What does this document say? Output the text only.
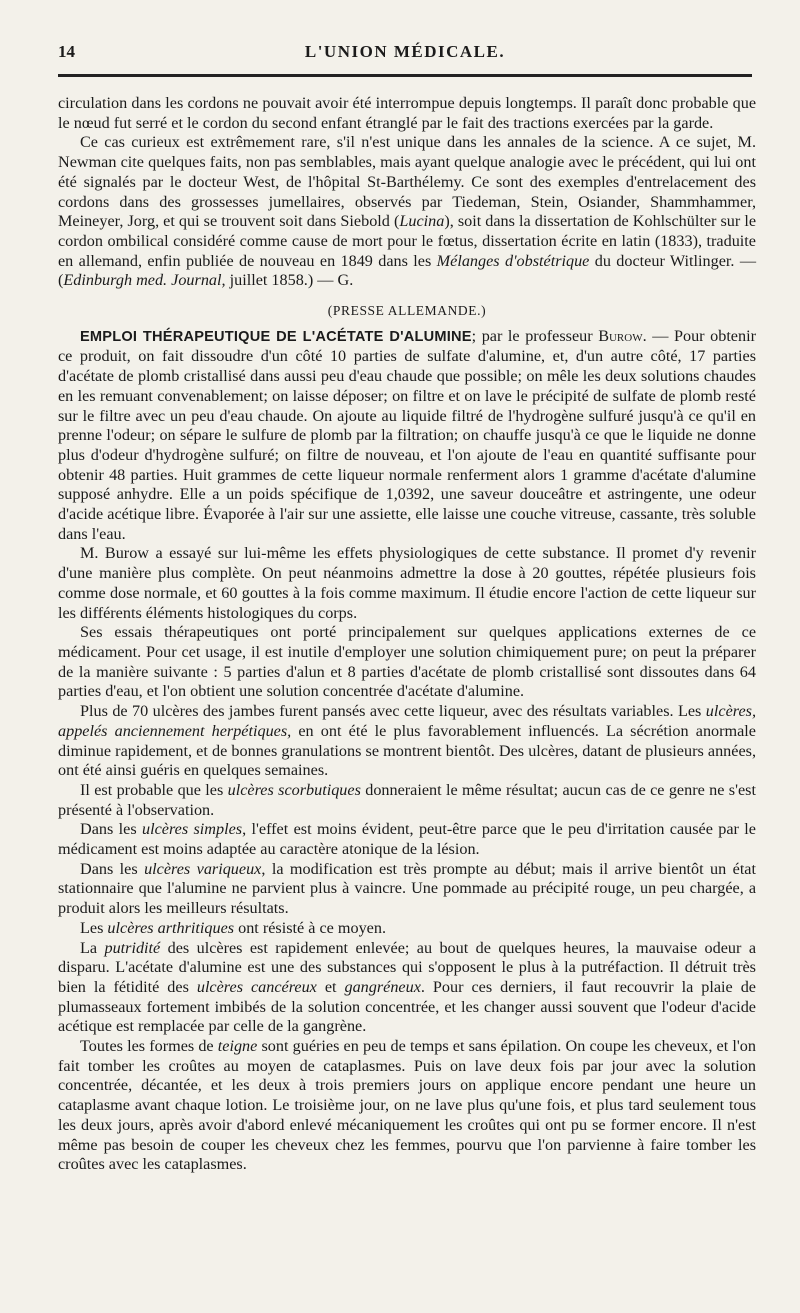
14	L'UNION MÉDICALE.

circulation dans les cordons ne pouvait avoir été interrompue depuis longtemps. Il paraît donc probable que le nœud fut serré et le cordon du second enfant étranglé par le fait des tractions exercées par la garde.

Ce cas curieux est extrêmement rare, s'il n'est unique dans les annales de la science. A ce sujet, M. Newman cite quelques faits, non pas semblables, mais ayant quelque analogie avec le précédent, qui lui ont été signalés par le docteur West, de l'hôpital St-Barthélemy. Ce sont des exemples d'entrelacement des cordons dans des grossesses jumellaires, observés par Tiedeman, Stein, Osiander, Shammhammer, Meineyer, Jorg, et qui se trouvent soit dans Siebold (Lucina), soit dans la dissertation de Kohlschülter sur le cordon ombilical considéré comme cause de mort pour le fœtus, dissertation écrite en latin (1833), traduite en allemand, enfin publiée de nouveau en 1849 dans les Mélanges d'obstétrique du docteur Witlinger. — (Edinburgh med. Journal, juillet 1858.) — G.

(PRESSE ALLEMANDE.)

EMPLOI THÉRAPEUTIQUE DE L'ACÉTATE D'ALUMINE; par le professeur Burow. — Pour obtenir ce produit, on fait dissoudre d'un côté 10 parties de sulfate d'alumine, et, d'un autre côté, 17 parties d'acétate de plomb cristallisé dans aussi peu d'eau chaude que possible; on mêle les deux solutions chaudes en les remuant convenablement; on laisse déposer; on filtre et on lave le précipité de sulfate de plomb resté sur le filtre avec un peu d'eau chaude. On ajoute au liquide filtré de l'hydrogène sulfuré jusqu'à ce qu'il en prenne l'odeur; on sépare le sulfure de plomb par la filtration; on chauffe jusqu'à ce que le liquide ne donne plus d'odeur d'hydrogène sulfuré; on filtre de nouveau, et l'on ajoute de l'eau en quantité suffisante pour obtenir 48 parties. Huit grammes de cette liqueur normale renferment alors 1 gramme d'acétate d'alumine supposé anhydre. Elle a un poids spécifique de 1,0392, une saveur douceâtre et astringente, une odeur d'acide acétique libre. Évaporée à l'air sur une assiette, elle laisse une couche vitreuse, cassante, très soluble dans l'eau.

M. Burow a essayé sur lui-même les effets physiologiques de cette substance. Il promet d'y revenir d'une manière plus complète. On peut néanmoins admettre la dose à 20 gouttes, répétée plusieurs fois comme dose normale, et 60 gouttes à la fois comme maximum. Il étudie encore l'action de cette liqueur sur les différents éléments histologiques du corps.

Ses essais thérapeutiques ont porté principalement sur quelques applications externes de ce médicament. Pour cet usage, il est inutile d'employer une solution chimiquement pure; on peut la préparer de la manière suivante : 5 parties d'alun et 8 parties d'acétate de plomb cristallisé sont dissoutes dans 64 parties d'eau, et l'on obtient une solution concentrée d'acétate d'alumine.

Plus de 70 ulcères des jambes furent pansés avec cette liqueur, avec des résultats variables. Les ulcères, appelés anciennement herpétiques, en ont été le plus favorablement influencés. La sécrétion anormale diminue rapidement, et de bonnes granulations se montrent bientôt. Des ulcères, datant de plusieurs années, ont été ainsi guéris en quelques semaines.

Il est probable que les ulcères scorbutiques donneraient le même résultat; aucun cas de ce genre ne s'est présenté à l'observation.

Dans les ulcères simples, l'effet est moins évident, peut-être parce que le peu d'irritation causée par le médicament est moins adaptée au caractère atonique de la lésion.

Dans les ulcères variqueux, la modification est très prompte au début; mais il arrive bientôt un état stationnaire que l'alumine ne parvient plus à vaincre. Une pommade au précipité rouge, un peu chargée, a produit alors les meilleurs résultats.

Les ulcères arthritiques ont résisté à ce moyen.

La putridité des ulcères est rapidement enlevée; au bout de quelques heures, la mauvaise odeur a disparu. L'acétate d'alumine est une des substances qui s'opposent le plus à la putréfaction. Il détruit très bien la fétidité des ulcères cancéreux et gangréneux. Pour ces derniers, il faut recouvrir la plaie de plumasseaux fortement imbibés de la solution concentrée, et les changer aussi souvent que l'odeur d'acide acétique est remplacée par celle de la gangrène.

Toutes les formes de teigne sont guéries en peu de temps et sans épilation. On coupe les cheveux, et l'on fait tomber les croûtes au moyen de cataplasmes. Puis on lave deux fois par jour avec la solution concentrée, décantée, et les deux à trois premiers jours on applique encore pendant une heure un cataplasme avant chaque lotion. Le troisième jour, on ne lave plus qu'une fois, et plus tard seulement tous les deux jours, après avoir d'abord enlevé mécaniquement les croûtes qui ont pu se former encore. Il n'est même pas besoin de couper les cheveux chez les femmes, pourvu que l'on parvienne à faire tomber les croûtes avec les cataplasmes.
